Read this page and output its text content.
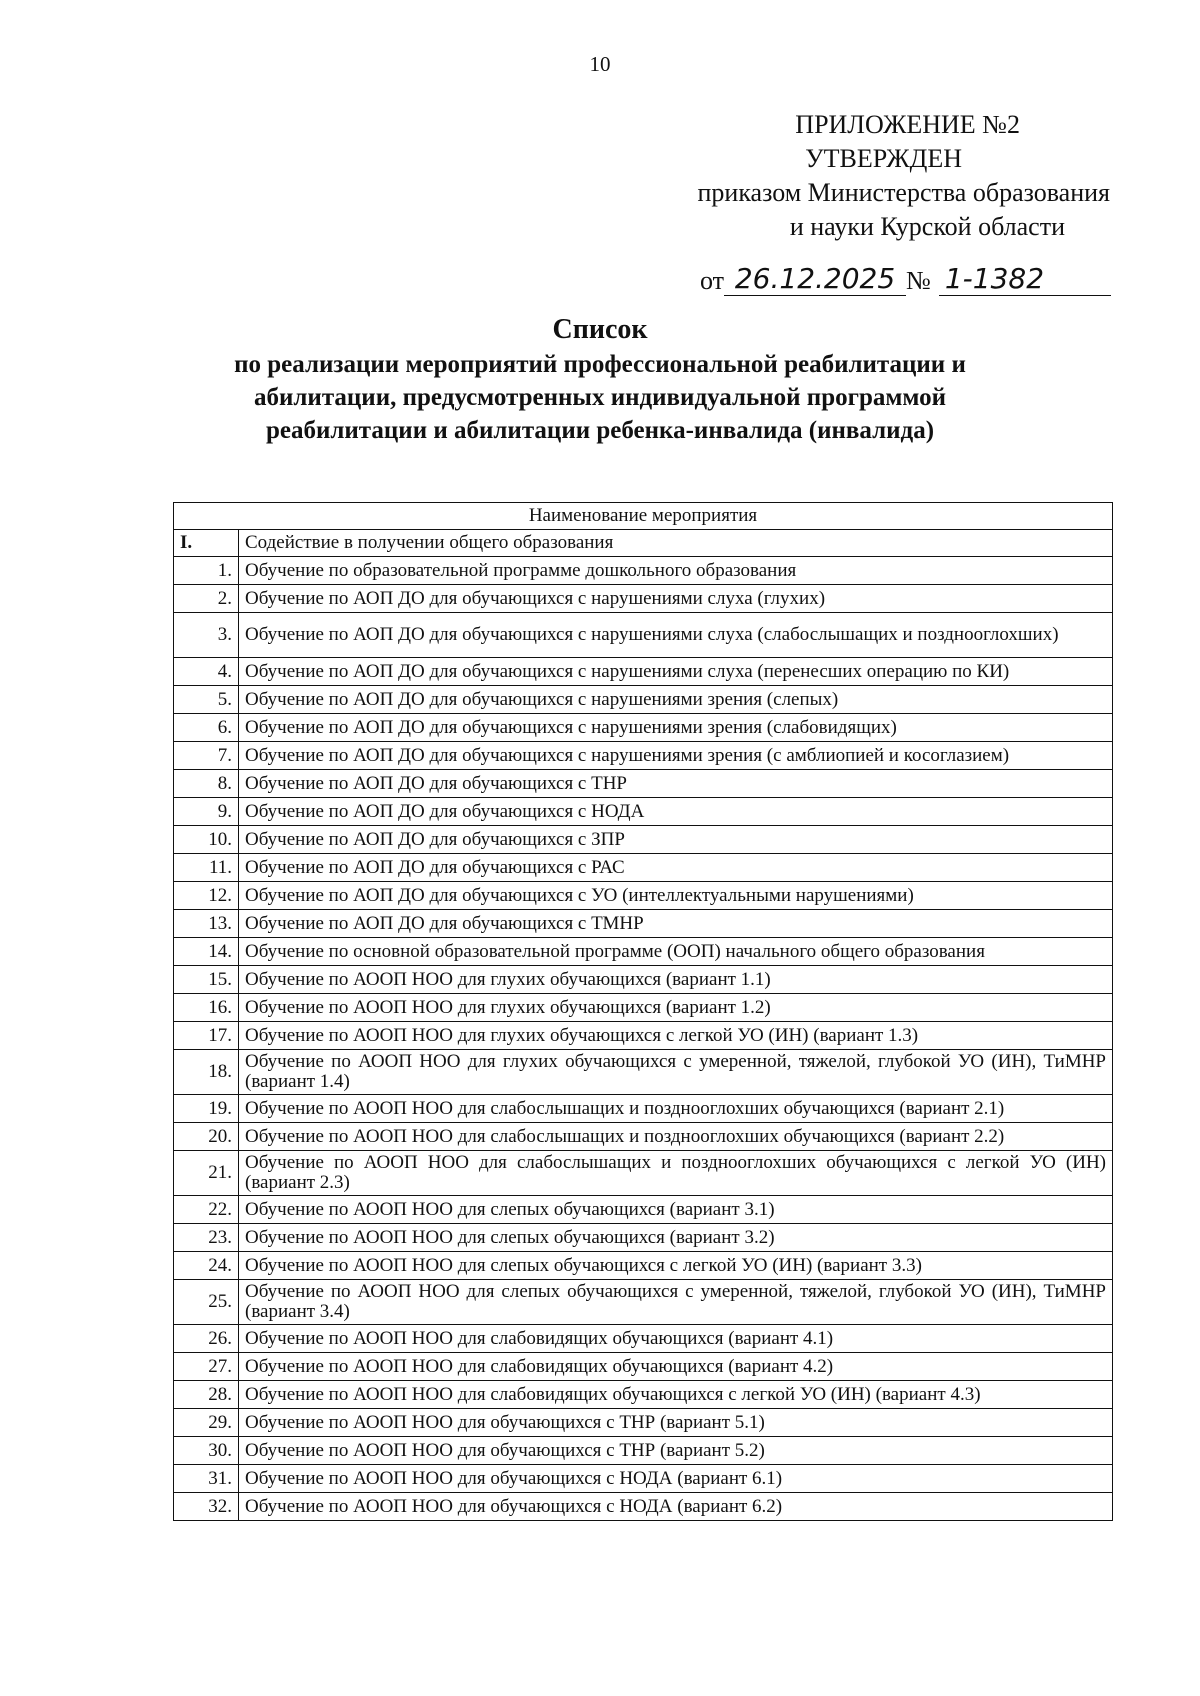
10
ПРИЛОЖЕНИЕ №2
УТВЕРЖДЕН
приказом Министерства образования
и науки Курской области
от 26.12.2025 № 1-1382
Список
по реализации мероприятий профессиональной реабилитации и
абилитации, предусмотренных индивидуальной программой
реабилитации и абилитации ребенка-инвалида (инвалида)
Наименование мероприятия	
I.	Содействие в получении общего образования
1.	Обучение по образовательной программе дошкольного образования
2.	Обучение по АОП ДО для обучающихся с нарушениями слуха (глухих)
3.	Обучение по АОП ДО для обучающихся с нарушениями слуха (слабослышащих и позднооглохших)
4.	Обучение по АОП ДО для обучающихся с нарушениями слуха (перенесших операцию по КИ)
5.	Обучение по АОП ДО для обучающихся с нарушениями зрения (слепых)
6.	Обучение по АОП ДО для обучающихся с нарушениями зрения (слабовидящих)
7.	Обучение по АОП ДО для обучающихся с нарушениями зрения (с амблиопией и косоглазием)
8.	Обучение по АОП ДО для обучающихся с ТНР
9.	Обучение по АОП ДО для обучающихся с НОДА
10.	Обучение по АОП ДО для обучающихся с ЗПР
11.	Обучение по АОП ДО для обучающихся с РАС
12.	Обучение по АОП ДО для обучающихся с УО (интеллектуальными нарушениями)
13.	Обучение по АОП ДО для обучающихся с ТМНР
14.	Обучение по основной образовательной программе (ООП) начального общего образования
15.	Обучение по АООП НОО для глухих обучающихся (вариант 1.1)
16.	Обучение по АООП НОО для глухих обучающихся (вариант 1.2)
17.	Обучение по АООП НОО для глухих обучающихся с легкой УО (ИН) (вариант 1.3)
18.	Обучение по АООП НОО для глухих обучающихся с умеренной, тяжелой, глубокой УО (ИН), ТиМНР (вариант 1.4)
19.	Обучение по АООП НОО для слабослышащих и позднооглохших обучающихся (вариант 2.1)
20.	Обучение по АООП НОО для слабослышащих и позднооглохших обучающихся (вариант 2.2)
21.	Обучение по АООП НОО для слабослышащих и позднооглохших обучающихся с легкой УО (ИН) (вариант 2.3)
22.	Обучение по АООП НОО для слепых обучающихся (вариант 3.1)
23.	Обучение по АООП НОО для слепых обучающихся (вариант 3.2)
24.	Обучение по АООП НОО для слепых обучающихся с легкой УО (ИН) (вариант 3.3)
25.	Обучение по АООП НОО для слепых обучающихся с умеренной, тяжелой, глубокой УО (ИН), ТиМНР (вариант 3.4)
26.	Обучение по АООП НОО для слабовидящих обучающихся (вариант 4.1)
27.	Обучение по АООП НОО для слабовидящих обучающихся (вариант 4.2)
28.	Обучение по АООП НОО для слабовидящих обучающихся с легкой УО (ИН) (вариант 4.3)
29.	Обучение по АООП НОО для обучающихся с ТНР (вариант 5.1)
30.	Обучение по АООП НОО для обучающихся с ТНР (вариант 5.2)
31.	Обучение по АООП НОО для обучающихся с НОДА (вариант 6.1)
32.	Обучение по АООП НОО для обучающихся с НОДА (вариант 6.2)
